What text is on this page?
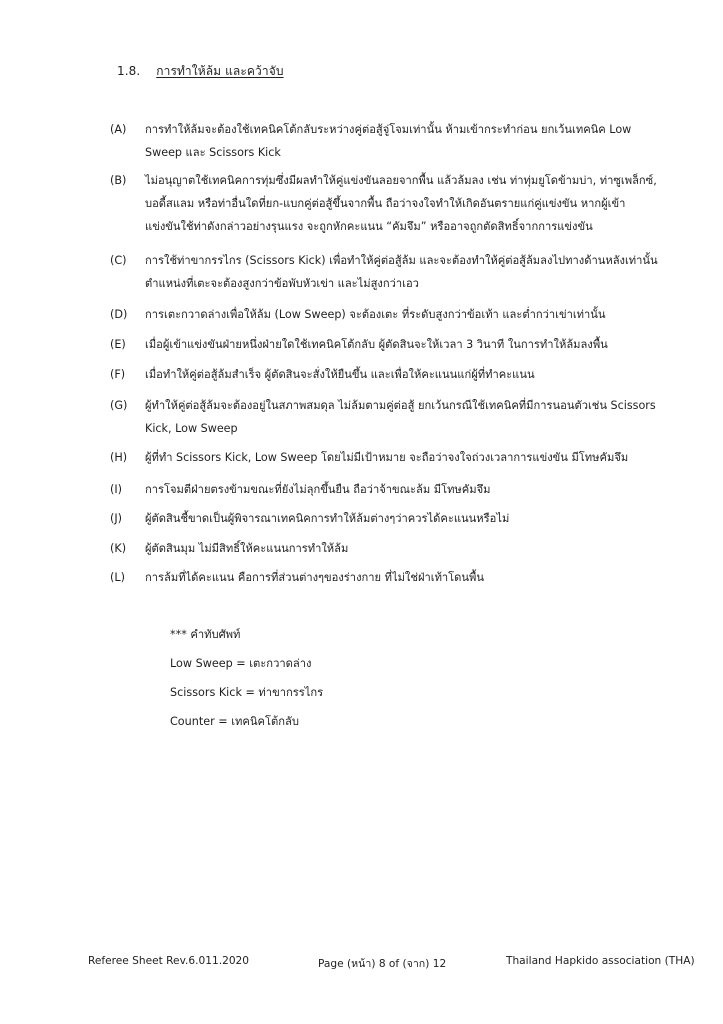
1.8. การทำให้ล้ม และคว้าจับ
(A)	การทำให้ล้มจะต้องใช้เทคนิคโต้กลับระหว่างคู่ต่อสู้จู่โจมเท่านั้น ห้ามเข้ากระทำก่อน ยกเว้นเทคนิค Low
Sweep และ Scissors Kick
(B)	ไม่อนุญาตใช้เทคนิคการทุ่มซึ่งมีผลทำให้คู่แข่งขันลอยจากพื้น แล้วล้มลง เช่น ท่าทุ่มยูโดข้ามบ่า, ท่าซูเพล็กซ์,
บอดี้สแลม หรือท่าอื่นใดที่ยก-แบกคู่ต่อสู้ขึ้นจากพื้น ถือว่าจงใจทำให้เกิดอันตรายแก่คู่แข่งขัน หากผู้เข้า
แข่งขันใช้ท่าดังกล่าวอย่างรุนแรง จะถูกหักคะแนน “คัมจึม” หรืออาจถูกตัดสิทธิ์จากการแข่งขัน
(C)	การใช้ท่าขากรรไกร (Scissors Kick) เพื่อทำให้คู่ต่อสู้ล้ม และจะต้องทำให้คู่ต่อสู้ล้มลงไปทางด้านหลังเท่านั้น
ตำแหน่งที่เตะจะต้องสูงกว่าข้อพับหัวเข่า และไม่สูงกว่าเอว
(D)	การเตะกวาดล่างเพื่อให้ล้ม (Low Sweep) จะต้องเตะ ที่ระดับสูงกว่าข้อเท้า และต่ำกว่าเข่าเท่านั้น
(E)	เมื่อผู้เข้าแข่งขันฝ่ายหนึ่งฝ่ายใดใช้เทคนิคโต้กลับ ผู้ตัดสินจะให้เวลา 3 วินาที ในการทำให้ล้มลงพื้น
(F)	เมื่อทำให้คู่ต่อสู้ล้มสำเร็จ ผู้ตัดสินจะสั่งให้ยืนขึ้น และเพื่อให้คะแนนแก่ผู้ที่ทำคะแนน
(G)	ผู้ทำให้คู่ต่อสู้ล้มจะต้องอยู่ในสภาพสมดุล ไม่ล้มตามคู่ต่อสู้ ยกเว้นกรณีใช้เทคนิคที่มีการนอนตัวเช่น Scissors
Kick, Low Sweep
(H)	ผู้ที่ทำ Scissors Kick, Low Sweep โดยไม่มีเป้าหมาย จะถือว่าจงใจถ่วงเวลาการแข่งขัน มีโทษคัมจึม
(I)	การโจมตีฝ่ายตรงข้ามขณะที่ยังไม่ลุกขึ้นยืน ถือว่าจ้าขณะล้ม มีโทษคัมจึม
(J)	ผู้ตัดสินชี้ขาดเป็นผู้พิจารณาเทคนิคการทำให้ล้มต่างๆว่าควรได้คะแนนหรือไม่
(K)	ผู้ตัดสินมุม ไม่มีสิทธิ์ให้คะแนนการทำให้ล้ม
(L)	การล้มที่ได้คะแนน คือการที่ส่วนต่างๆของร่างกาย ที่ไม่ใช่ฝ่าเท้าโดนพื้น
*** คำทับศัพท์
Low Sweep = เตะกวาดล่าง
Scissors Kick = ท่าขากรรไกร
Counter = เทคนิคโต้กลับ
Referee Sheet Rev.6.011.2020	Page (หน้า) 8 of (จาก) 12	Thailand Hapkido association (THA)
